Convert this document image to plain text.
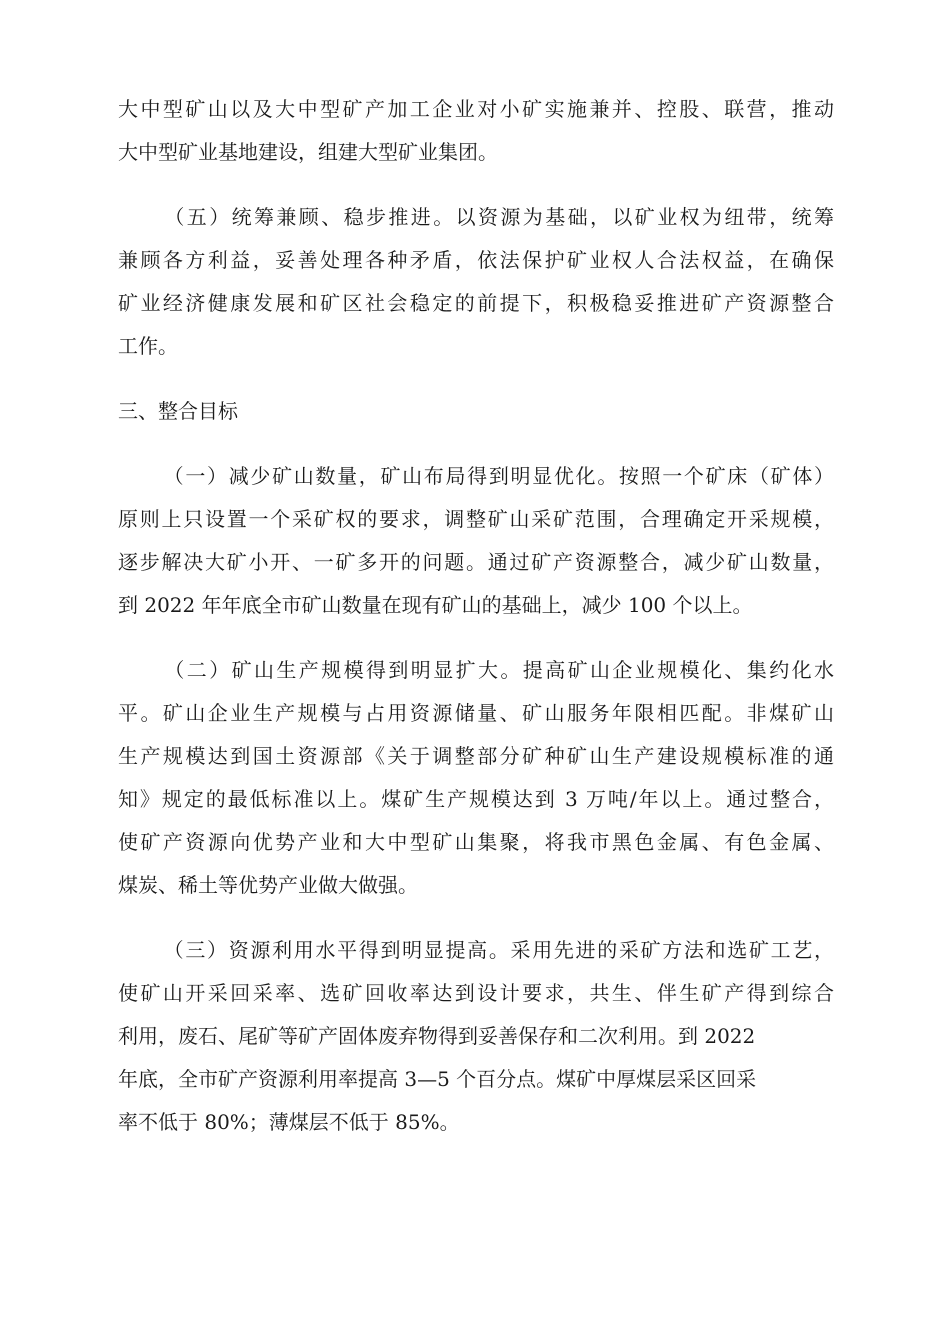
大中型矿山以及大中型矿产加工企业对小矿实施兼并、控股、联营，推动
大中型矿业基地建设，组建大型矿业集团。

（五）统筹兼顾、稳步推进。以资源为基础，以矿业权为纽带，统筹
兼顾各方利益，妥善处理各种矛盾，依法保护矿业权人合法权益，在确保
矿业经济健康发展和矿区社会稳定的前提下，积极稳妥推进矿产资源整合
工作。

三、整合目标

（一）减少矿山数量，矿山布局得到明显优化。按照一个矿床（矿体）
原则上只设置一个采矿权的要求，调整矿山采矿范围，合理确定开采规模，
逐步解决大矿小开、一矿多开的问题。通过矿产资源整合，减少矿山数量，
到 2022 年年底全市矿山数量在现有矿山的基础上，减少 100 个以上。

（二）矿山生产规模得到明显扩大。提高矿山企业规模化、集约化水
平。矿山企业生产规模与占用资源储量、矿山服务年限相匹配。非煤矿山
生产规模达到国土资源部《关于调整部分矿种矿山生产建设规模标准的通
知》规定的最低标准以上。煤矿生产规模达到 3 万吨/年以上。通过整合，
使矿产资源向优势产业和大中型矿山集聚，将我市黑色金属、有色金属、
煤炭、稀土等优势产业做大做强。

（三）资源利用水平得到明显提高。采用先进的采矿方法和选矿工艺，
使矿山开采回采率、选矿回收率达到设计要求，共生、伴生矿产得到综合
利用，废石、尾矿等矿产固体废弃物得到妥善保存和二次利用。到 2022
年底，全市矿产资源利用率提高 3—5 个百分点。煤矿中厚煤层采区回采
率不低于 80%；薄煤层不低于 85%。
